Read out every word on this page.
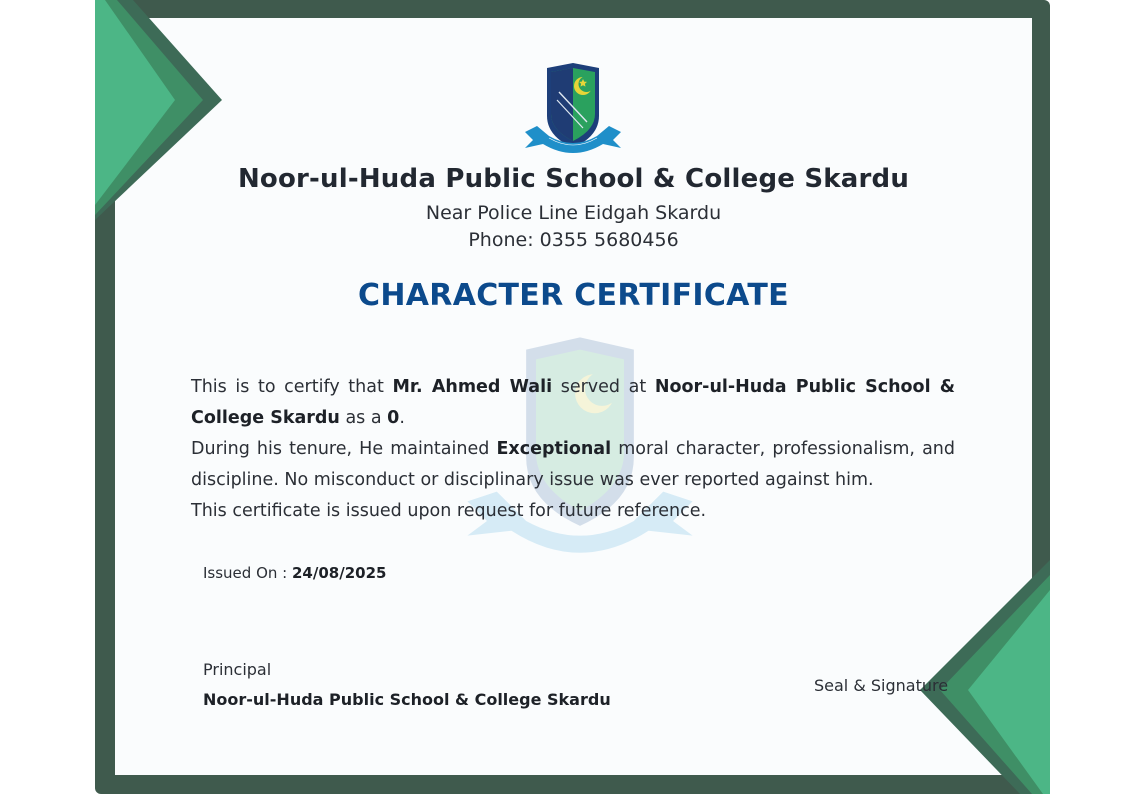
Noor-ul-Huda Public School & College Skardu
Near Police Line Eidgah Skardu
Phone: 0355 5680456
CHARACTER CERTIFICATE

This is to certify that Mr. Ahmed Wali served at Noor-ul-Huda Public School & College Skardu as a 0.

During his tenure, He maintained Exceptional moral character, professionalism, and discipline. No misconduct or disciplinary issue was ever reported against him.

This certificate is issued upon request for future reference.

Issued On : 24/08/2025
Principal
Noor-ul-Huda Public School & College Skardu
Seal & Signature
